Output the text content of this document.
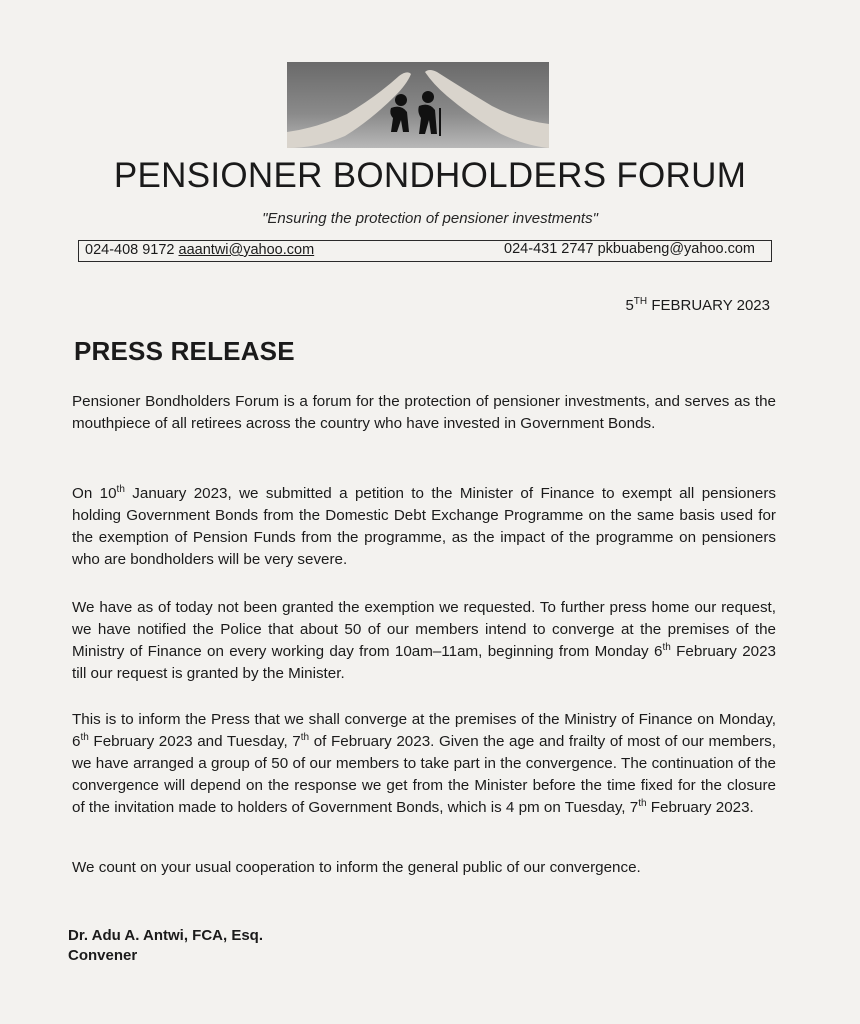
PENSIONER BONDHOLDERS FORUM
"Ensuring the protection of pensioner investments"
024-408 9172 aaantwi@yahoo.com	024-431 2747 pkbuabeng@yahoo.com
5TH FEBRUARY 2023
PRESS RELEASE

Pensioner Bondholders Forum is a forum for the protection of pensioner investments, and serves as the mouthpiece of all retirees across the country who have invested in Government Bonds.

On 10th January 2023, we submitted a petition to the Minister of Finance to exempt all pensioners holding Government Bonds from the Domestic Debt Exchange Programme on the same basis used for the exemption of Pension Funds from the programme, as the impact of the programme on pensioners who are bondholders will be very severe.

We have as of today not been granted the exemption we requested. To further press home our request, we have notified the Police that about 50 of our members intend to converge at the premises of the Ministry of Finance on every working day from 10am–11am, beginning from Monday 6th February 2023 till our request is granted by the Minister.

This is to inform the Press that we shall converge at the premises of the Ministry of Finance on Monday, 6th February 2023 and Tuesday, 7th of February 2023. Given the age and frailty of most of our members, we have arranged a group of 50 of our members to take part in the convergence. The continuation of the convergence will depend on the response we get from the Minister before the time fixed for the closure of the invitation made to holders of Government Bonds, which is 4 pm on Tuesday, 7th February 2023.

We count on your usual cooperation to inform the general public of our convergence.

Dr. Adu A. Antwi, FCA, Esq.
Convener
